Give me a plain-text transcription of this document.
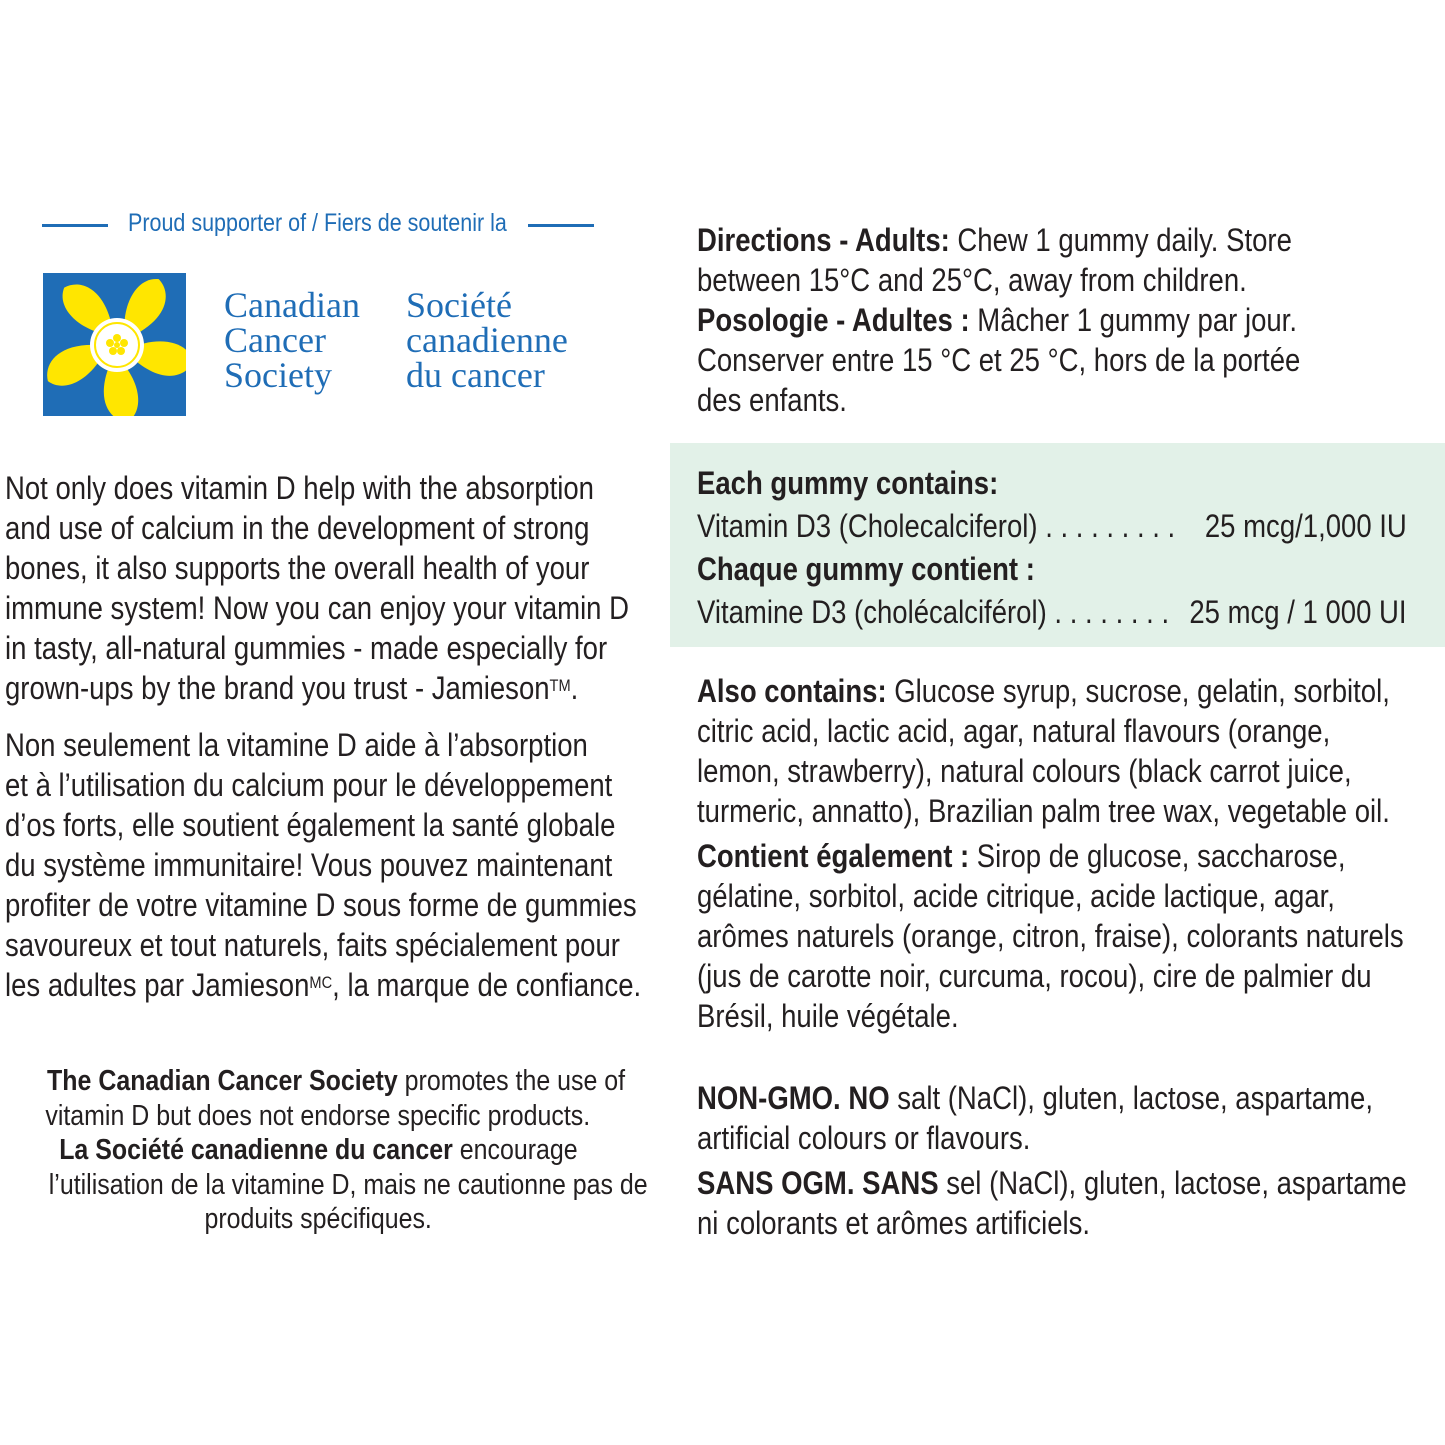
Proud supporter of / Fiers de soutenir la
Canadian
Cancer
Society
Société
canadienne
du cancer
Not only does vitamin D help with the absorption
and use of calcium in the development of strong
bones, it also supports the overall health of your
immune system! Now you can enjoy your vitamin D
in tasty, all-natural gummies - made especially for
grown-ups by the brand you trust - Jamieson™.
Non seulement la vitamine D aide à l’absorption
et à l’utilisation du calcium pour le développement
d’os forts, elle soutient également la santé globale
du système immunitaire! Vous pouvez maintenant
profiter de votre vitamine D sous forme de gummies
savoureux et tout naturels, faits spécialement pour
les adultes par Jamieson$^{MC}$, la marque de confiance.
The Canadian Cancer Society promotes the use of
vitamin D but does not endorse specific products.
La Société canadienne du cancer encourage
l’utilisation de la vitamine D, mais ne cautionne pas de
produits spécifiques.
Directions - Adults: Chew 1 gummy daily. Store
between 15°C and 25°C, away from children.
Posologie - Adultes : Mâcher 1 gummy par jour.
Conserver entre 15 °C et 25 °C, hors de la portée
des enfants.
Each gummy contains:
Vitamin D3 (Cholecalciferol) . . . . . . . . . 25 mcg/1,000 IU
Chaque gummy contient :
Vitamine D3 (cholécalciférol) . . . . . . . . 25 mcg / 1 000 UI
Also contains: Glucose syrup, sucrose, gelatin, sorbitol,
citric acid, lactic acid, agar, natural flavours (orange,
lemon, strawberry), natural colours (black carrot juice,
turmeric, annatto), Brazilian palm tree wax, vegetable oil.
Contient également : Sirop de glucose, saccharose,
gélatine, sorbitol, acide citrique, acide lactique, agar,
arômes naturels (orange, citron, fraise), colorants naturels
(jus de carotte noir, curcuma, rocou), cire de palmier du
Brésil, huile végétale.
NON-GMO. NO salt (NaCl), gluten, lactose, aspartame,
artificial colours or flavours.
SANS OGM. SANS sel (NaCl), gluten, lactose, aspartame
ni colorants et arômes artificiels.
